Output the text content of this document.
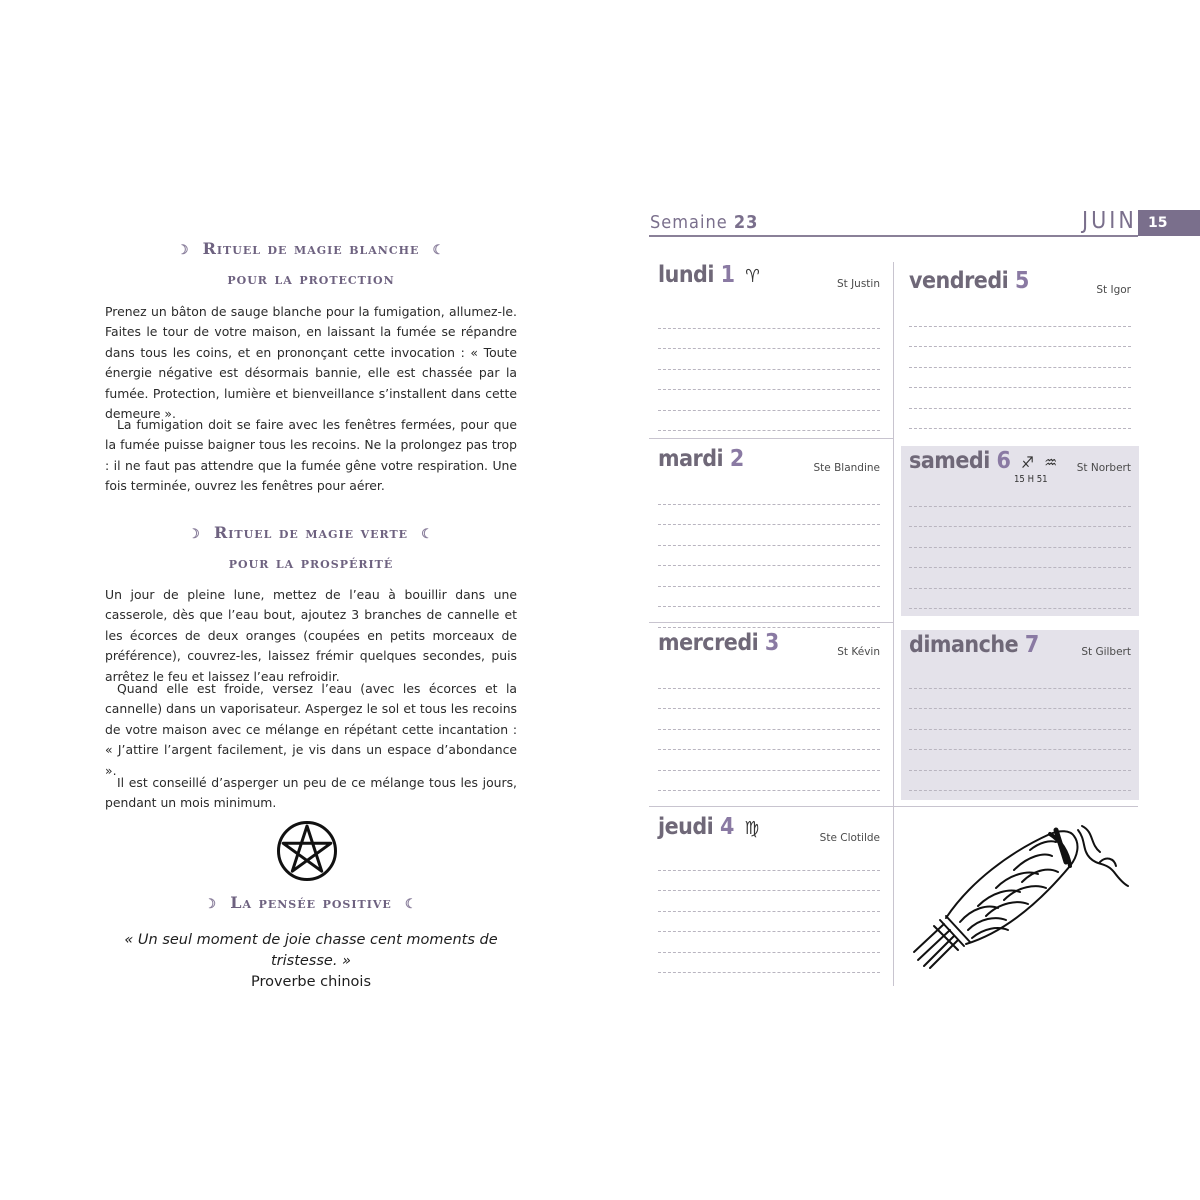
☽ Rituel de magie blanche ☾
pour la protection

Prenez un bâton de sauge blanche pour la fumigation, allumez-le. Faites le tour de votre maison, en laissant la fumée se répandre dans tous les coins, et en prononçant cette invocation : « Toute énergie négative est désormais bannie, elle est chassée par la fumée. Protection, lumière et bienveillance s’installent dans cette demeure ».

La fumigation doit se faire avec les fenêtres fermées, pour que la fumée puisse baigner tous les recoins. Ne la prolongez pas trop : il ne faut pas attendre que la fumée gêne votre respiration. Une fois terminée, ouvrez les fenêtres pour aérer.

☽ Rituel de magie verte ☾
pour la prospérité

Un jour de pleine lune, mettez de l’eau à bouillir dans une casserole, dès que l’eau bout, ajoutez 3 branches de cannelle et les écorces de deux oranges (coupées en petits morceaux de préférence), couvrez-les, laissez frémir quelques secondes, puis arrêtez le feu et laissez l’eau refroidir.

Quand elle est froide, versez l’eau (avec les écorces et la cannelle) dans un vaporisateur. Aspergez le sol et tous les recoins de votre maison avec ce mélange en répétant cette incantation : « J’attire l’argent facilement, je vis dans un espace d’abondance ».

Il est conseillé d’asperger un peu de ce mélange tous les jours, pendant un mois minimum.

☽ La pensée positive ☾
« Un seul moment de joie chasse cent moments de tristesse. »
Proverbe chinois
Semaine 23	JUIN 15
lundi 1 ♈	St Justin
mardi 2	Ste Blandine
mercredi 3	St Kévin
jeudi 4 ♍	Ste Clotilde
vendredi 5	St Igor
samedi 6 ♐ ♒
15 H 51
St Norbert
dimanche 7	St Gilbert
